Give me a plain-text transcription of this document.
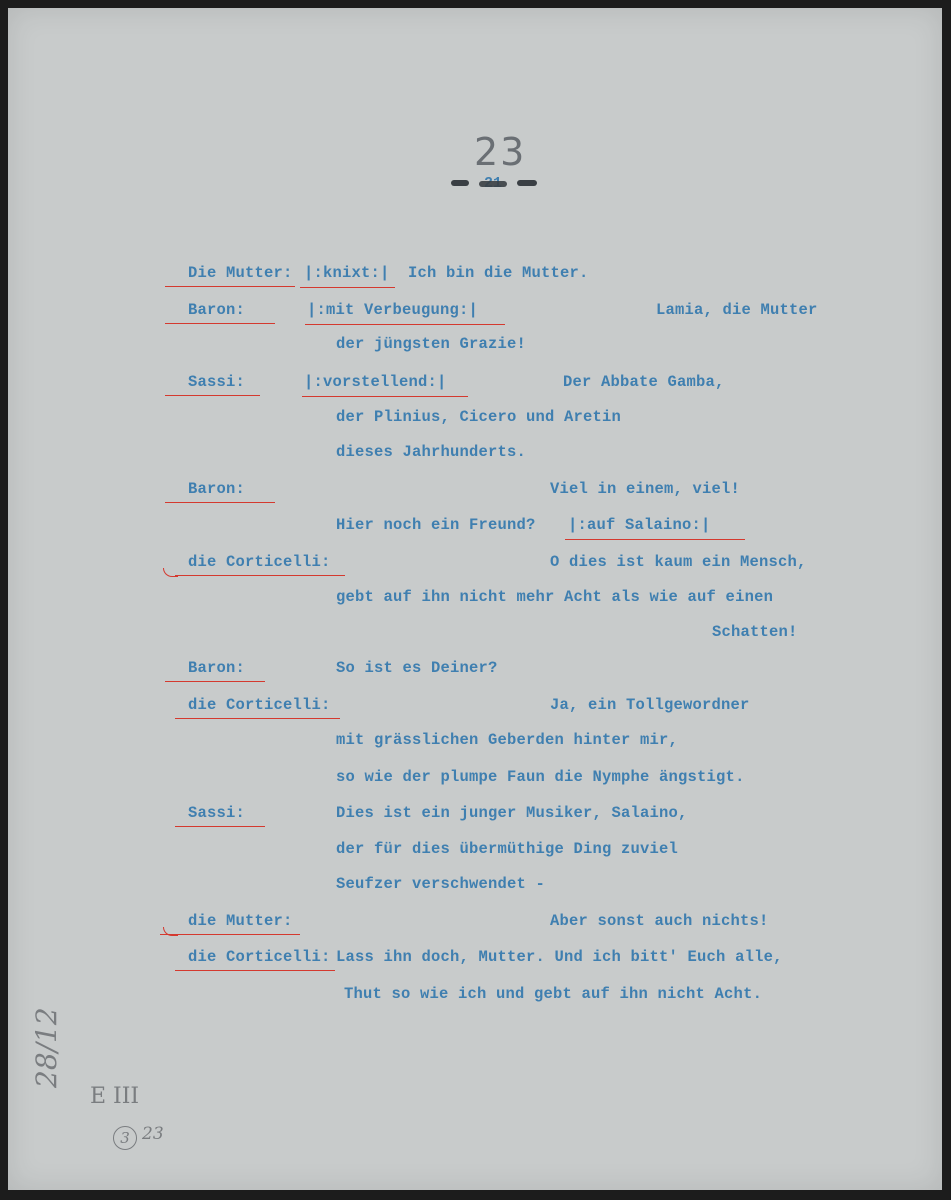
23
28/12
E III
3 23
Die Mutter: |:knixt:| Ich bin die Mutter.
Baron:	|:mit Verbeugung:|	Lamia, die Mutter
der jüngsten Grazie!
Sassi:	|:vorstellend:|	Der Abbate Gamba,
der Plinius, Cicero und Aretin
dieses Jahrhunderts.
Baron:	Viel in einem, viel!
Hier noch ein Freund? |:auf Salaino:|
die Corticelli:	O dies ist kaum ein Mensch,
gebt auf ihn nicht mehr Acht als wie auf einen
Schatten!
Baron:	So ist es Deiner?
die Corticelli:	Ja, ein Tollgewordner
mit grässlichen Geberden hinter mir,
so wie der plumpe Faun die Nymphe ängstigt.
Sassi:	Dies ist ein junger Musiker, Salaino,
der für dies übermüthige Ding zuviel
Seufzer verschwendet -
die Mutter:	Aber sonst auch nichts!
die Corticelli: Lass ihn doch, Mutter. Und ich bitt' Euch alle,
Thut so wie ich und gebt auf ihn nicht Acht.
